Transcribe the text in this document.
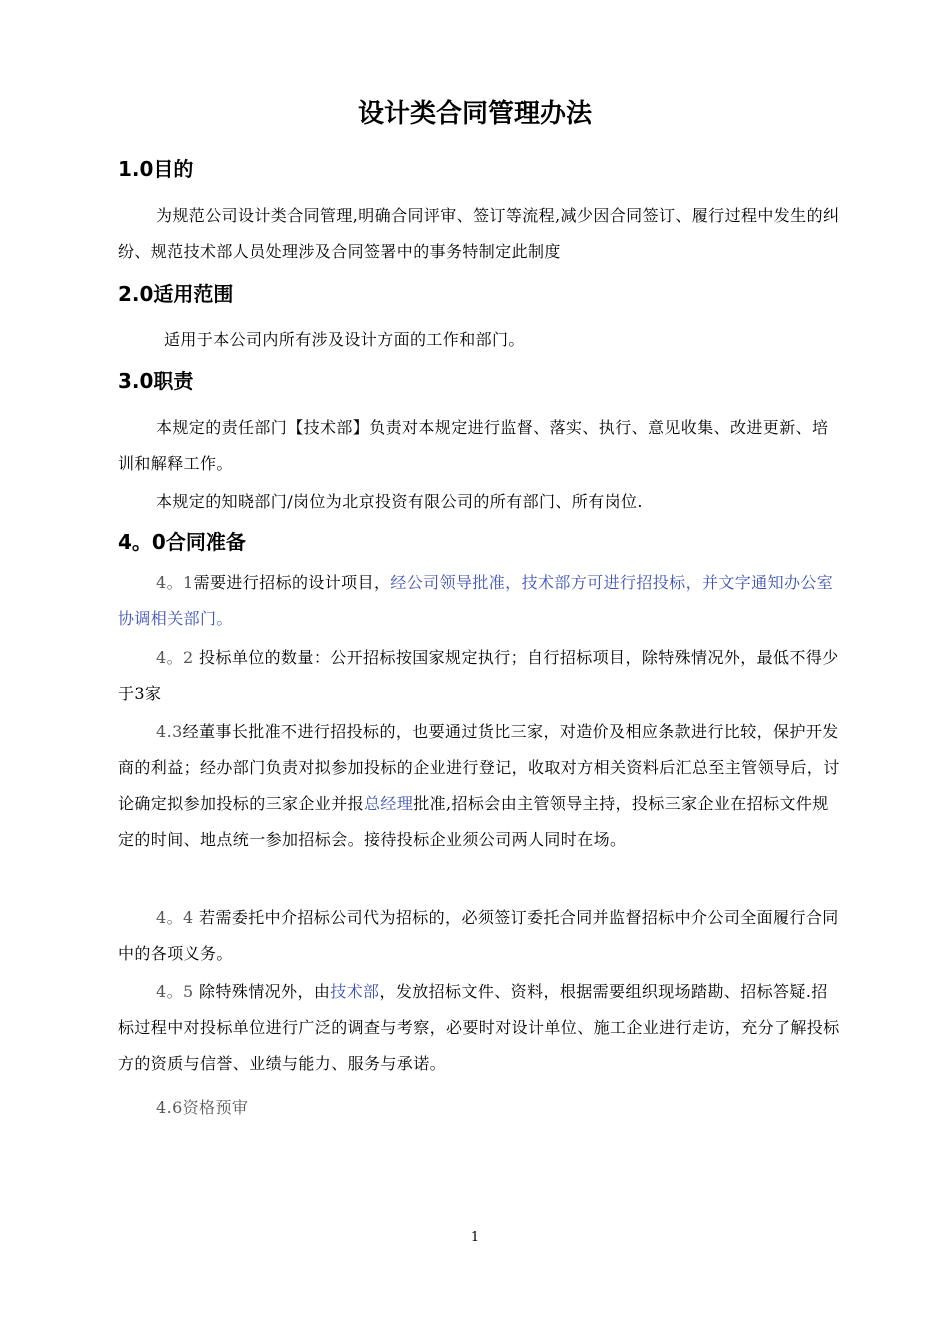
设计类合同管理办法
1.0目的
为规范公司设计类合同管理,明确合同评审、签订等流程,减少因合同签订、履行过程中发生的纠纷、规范技术部人员处理涉及合同签署中的事务特制定此制度
2.0适用范围
适用于本公司内所有涉及设计方面的工作和部门。
3.0职责
本规定的责任部门【技术部】负责对本规定进行监督、落实、执行、意见收集、改进更新、培训和解释工作。
本规定的知晓部门/岗位为北京投资有限公司的所有部门、所有岗位.
4。0合同准备
4。1需要进行招标的设计项目，经公司领导批准，技术部方可进行招投标，并文字通知办公室协调相关部门。
4。2 投标单位的数量：公开招标按国家规定执行；自行招标项目，除特殊情况外，最低不得少于3家
4.3经董事长批准不进行招投标的，也要通过货比三家，对造价及相应条款进行比较，保护开发商的利益；经办部门负责对拟参加投标的企业进行登记，收取对方相关资料后汇总至主管领导后，讨论确定拟参加投标的三家企业并报总经理批准,招标会由主管领导主持，投标三家企业在招标文件规定的时间、地点统一参加招标会。接待投标企业须公司两人同时在场。
4。4 若需委托中介招标公司代为招标的，必须签订委托合同并监督招标中介公司全面履行合同中的各项义务。
4。5 除特殊情况外，由技术部，发放招标文件、资料，根据需要组织现场踏勘、招标答疑.招标过程中对投标单位进行广泛的调查与考察，必要时对设计单位、施工企业进行走访，充分了解投标方的资质与信誉、业绩与能力、服务与承诺。
4.6资格预审
1
